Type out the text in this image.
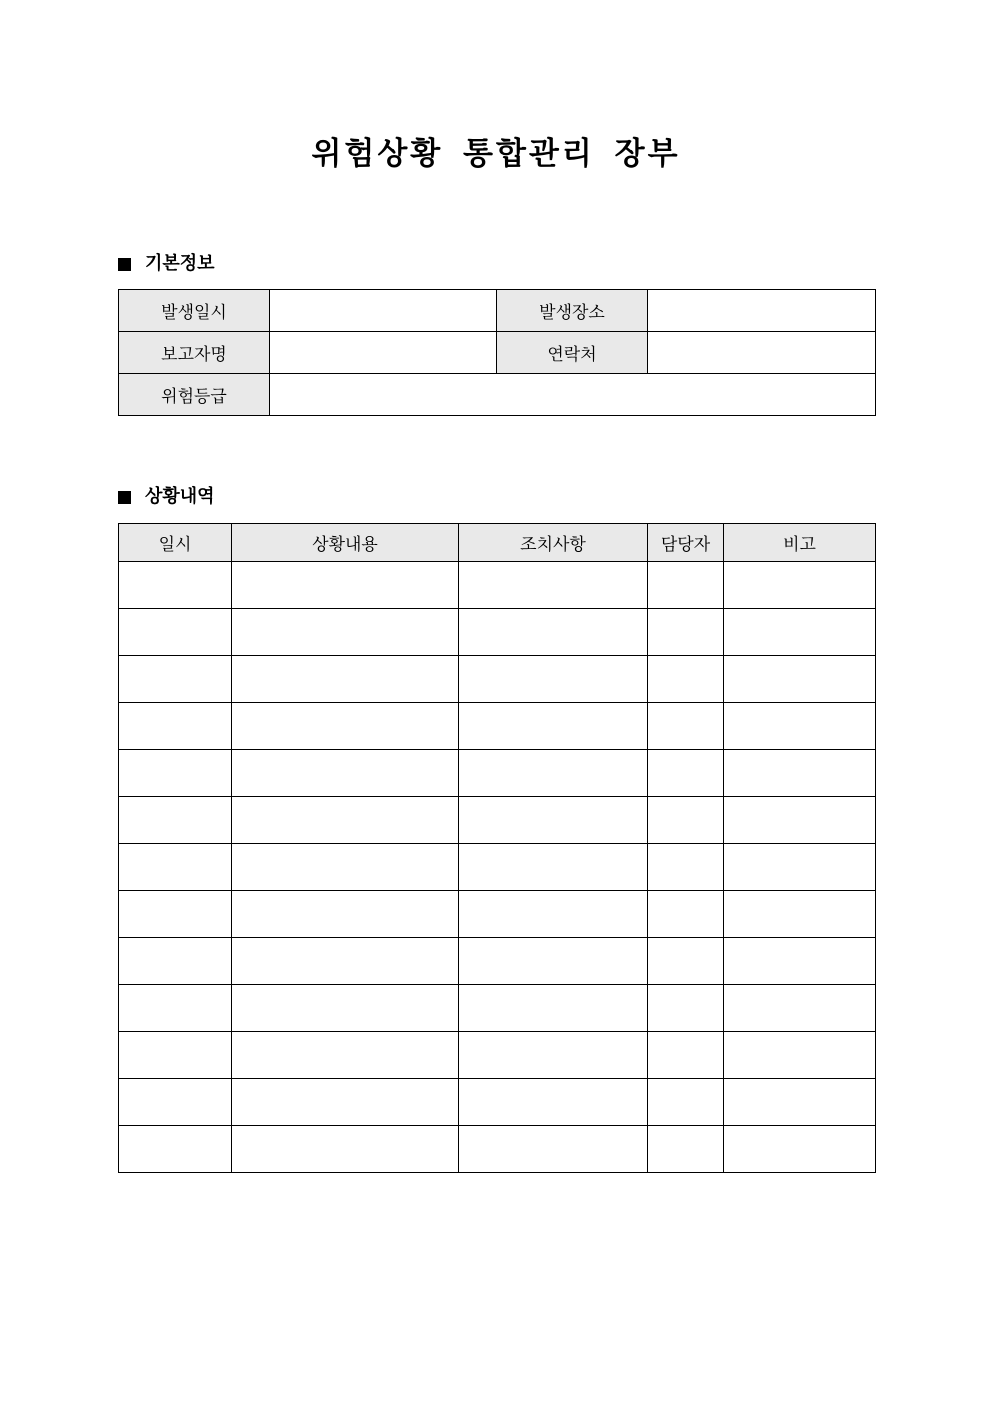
위험상황 통합관리 장부
기본정보
발생일시		발생장소	
보고자명		연락처	
위험등급			
상황내역
일시	상황내용	조치사항	담당자	비고
